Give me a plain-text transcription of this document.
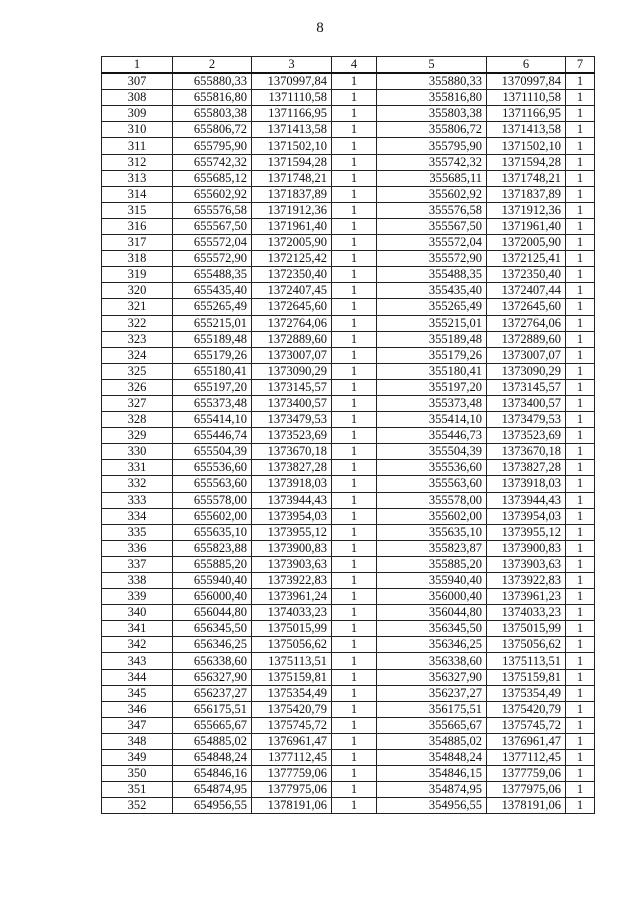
8
1	2	3	4	5	6	7
307	655880,33	1370997,84	1	355880,33	1370997,84	1
308	655816,80	1371110,58	1	355816,80	1371110,58	1
309	655803,38	1371166,95	1	355803,38	1371166,95	1
310	655806,72	1371413,58	1	355806,72	1371413,58	1
311	655795,90	1371502,10	1	355795,90	1371502,10	1
312	655742,32	1371594,28	1	355742,32	1371594,28	1
313	655685,12	1371748,21	1	355685,11	1371748,21	1
314	655602,92	1371837,89	1	355602,92	1371837,89	1
315	655576,58	1371912,36	1	355576,58	1371912,36	1
316	655567,50	1371961,40	1	355567,50	1371961,40	1
317	655572,04	1372005,90	1	355572,04	1372005,90	1
318	655572,90	1372125,42	1	355572,90	1372125,41	1
319	655488,35	1372350,40	1	355488,35	1372350,40	1
320	655435,40	1372407,45	1	355435,40	1372407,44	1
321	655265,49	1372645,60	1	355265,49	1372645,60	1
322	655215,01	1372764,06	1	355215,01	1372764,06	1
323	655189,48	1372889,60	1	355189,48	1372889,60	1
324	655179,26	1373007,07	1	355179,26	1373007,07	1
325	655180,41	1373090,29	1	355180,41	1373090,29	1
326	655197,20	1373145,57	1	355197,20	1373145,57	1
327	655373,48	1373400,57	1	355373,48	1373400,57	1
328	655414,10	1373479,53	1	355414,10	1373479,53	1
329	655446,74	1373523,69	1	355446,73	1373523,69	1
330	655504,39	1373670,18	1	355504,39	1373670,18	1
331	655536,60	1373827,28	1	355536,60	1373827,28	1
332	655563,60	1373918,03	1	355563,60	1373918,03	1
333	655578,00	1373944,43	1	355578,00	1373944,43	1
334	655602,00	1373954,03	1	355602,00	1373954,03	1
335	655635,10	1373955,12	1	355635,10	1373955,12	1
336	655823,88	1373900,83	1	355823,87	1373900,83	1
337	655885,20	1373903,63	1	355885,20	1373903,63	1
338	655940,40	1373922,83	1	355940,40	1373922,83	1
339	656000,40	1373961,24	1	356000,40	1373961,23	1
340	656044,80	1374033,23	1	356044,80	1374033,23	1
341	656345,50	1375015,99	1	356345,50	1375015,99	1
342	656346,25	1375056,62	1	356346,25	1375056,62	1
343	656338,60	1375113,51	1	356338,60	1375113,51	1
344	656327,90	1375159,81	1	356327,90	1375159,81	1
345	656237,27	1375354,49	1	356237,27	1375354,49	1
346	656175,51	1375420,79	1	356175,51	1375420,79	1
347	655665,67	1375745,72	1	355665,67	1375745,72	1
348	654885,02	1376961,47	1	354885,02	1376961,47	1
349	654848,24	1377112,45	1	354848,24	1377112,45	1
350	654846,16	1377759,06	1	354846,15	1377759,06	1
351	654874,95	1377975,06	1	354874,95	1377975,06	1
352	654956,55	1378191,06	1	354956,55	1378191,06	1
